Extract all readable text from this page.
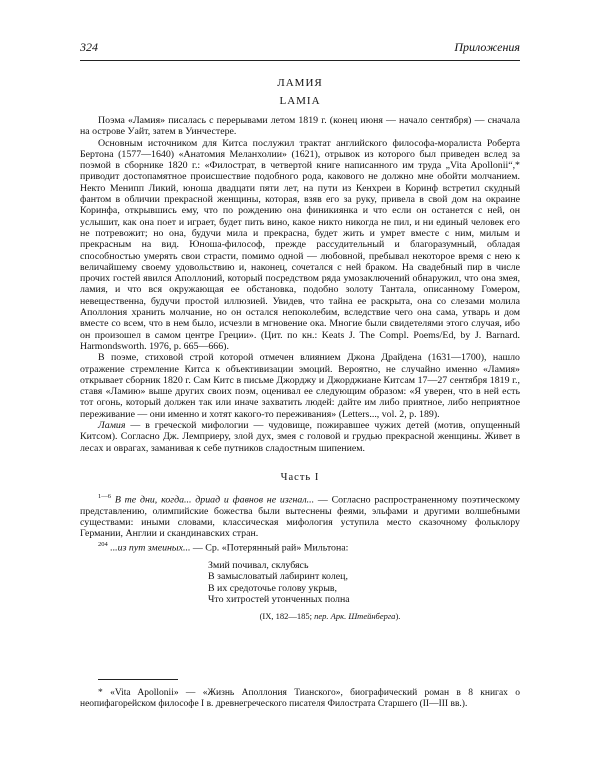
324	Приложения
ЛАМИЯ
LAMIA

Поэма «Ламия» писалась с перерывами летом 1819 г. (конец июня — начало сентября) — сначала на острове Уайт, затем в Уинчестере.

Основным источником для Китса послужил трактат английского философа-моралиста Роберта Бертона (1577—1640) «Анатомия Меланхолии» (1621), отрывок из которого был приведен вслед за поэмой в сборнике 1820 г.: «Филострат, в четвертой книге написанного им труда „Vita Apollonii“,* приводит достопамятное происшествие подобного рода, какового не должно мне обойти молчанием. Некто Менипп Ликий, юноша двадцати пяти лет, на пути из Кенхреи в Коринф встретил скудный фантом в обличии прекрасной женщины, которая, взяв его за руку, привела в свой дом на окраине Коринфа, открывшись ему, что по рождению она финикиянка и что если он останется с ней, он услышит, как она поет и играет, будет пить вино, какое никто никогда не пил, и ни единый человек его не потревожит; но она, будучи мила и прекрасна, будет жить и умрет вместе с ним, милым и прекрасным на вид. Юноша-философ, прежде рассудительный и благоразумный, обладая способностью умерять свои страсти, помимо одной — любовной, пребывал некоторое время с нею к величайшему своему удовольствию и, наконец, сочетался с ней браком. На свадебный пир в числе прочих гостей явился Аполлоний, который посредством ряда умозаключений обнаружил, что она змея, ламия, и что вся окружающая ее обстановка, подобно золоту Тантала, описанному Гомером, невещественна, будучи простой иллюзией. Увидев, что тайна ее раскрыта, она со слезами молила Аполлония хранить молчание, но он остался непоколебим, вследствие чего она сама, утварь и дом вместе со всем, что в нем было, исчезли в мгновение ока. Многие были свидетелями этого случая, ибо он произошел в самом центре Греции». (Цит. по кн.: Keats J. The Compl. Poems/Ed, by J. Barnard. Harmondsworth. 1976, p. 665—666).

В поэме, стиховой строй которой отмечен влиянием Джона Драйдена (1631—1700), нашло отражение стремление Китса к объективизации эмоций. Вероятно, не случайно именно «Ламия» открывает сборник 1820 г. Сам Китс в письме Джорджу и Джорджиане Китсам 17—27 сентября 1819 г., ставя «Ламию» выше других своих поэм, оценивал ее следующим образом: «Я уверен, что в ней есть тот огонь, который должен так или иначе захватить людей: дайте им либо приятное, либо неприятное переживание — они именно и хотят какого-то переживания» (Letters..., vol. 2, p. 189).

Ламия — в греческой мифологии — чудовище, пожиравшее чужих детей (мотив, опущенный Китсом). Согласно Дж. Лемприеру, злой дух, змея с головой и грудью прекрасной женщины. Живет в лесах и оврагах, заманивая к себе путников сладостным шипением.

Часть I

$^{1—6}$ В те дни, когда... дриад и фавнов не изгнал... — Согласно распространенному поэтическому представлению, олимпийские божества были вытеснены феями, эльфами и другими волшебными существами: иными словами, классическая мифология уступила место сказочному фольклору Германии, Англии и скандинавских стран.

$^{204}$ ...из пут змеиных... — Ср. «Потерянный рай» Мильтона:

Змий почивал, склубясь
В замысловатый лабиринт колец,
В их средоточье голову укрыв,
Что хитростей утонченных полна
(IX, 182—185; пер. Арк. Штейнберга).

* «Vita Apollonii» — «Жизнь Аполлония Тианского», биографический роман в 8 книгах о неопифагорейском философе I в. древнегреческого писателя Филострата Старшего (II—III вв.).
